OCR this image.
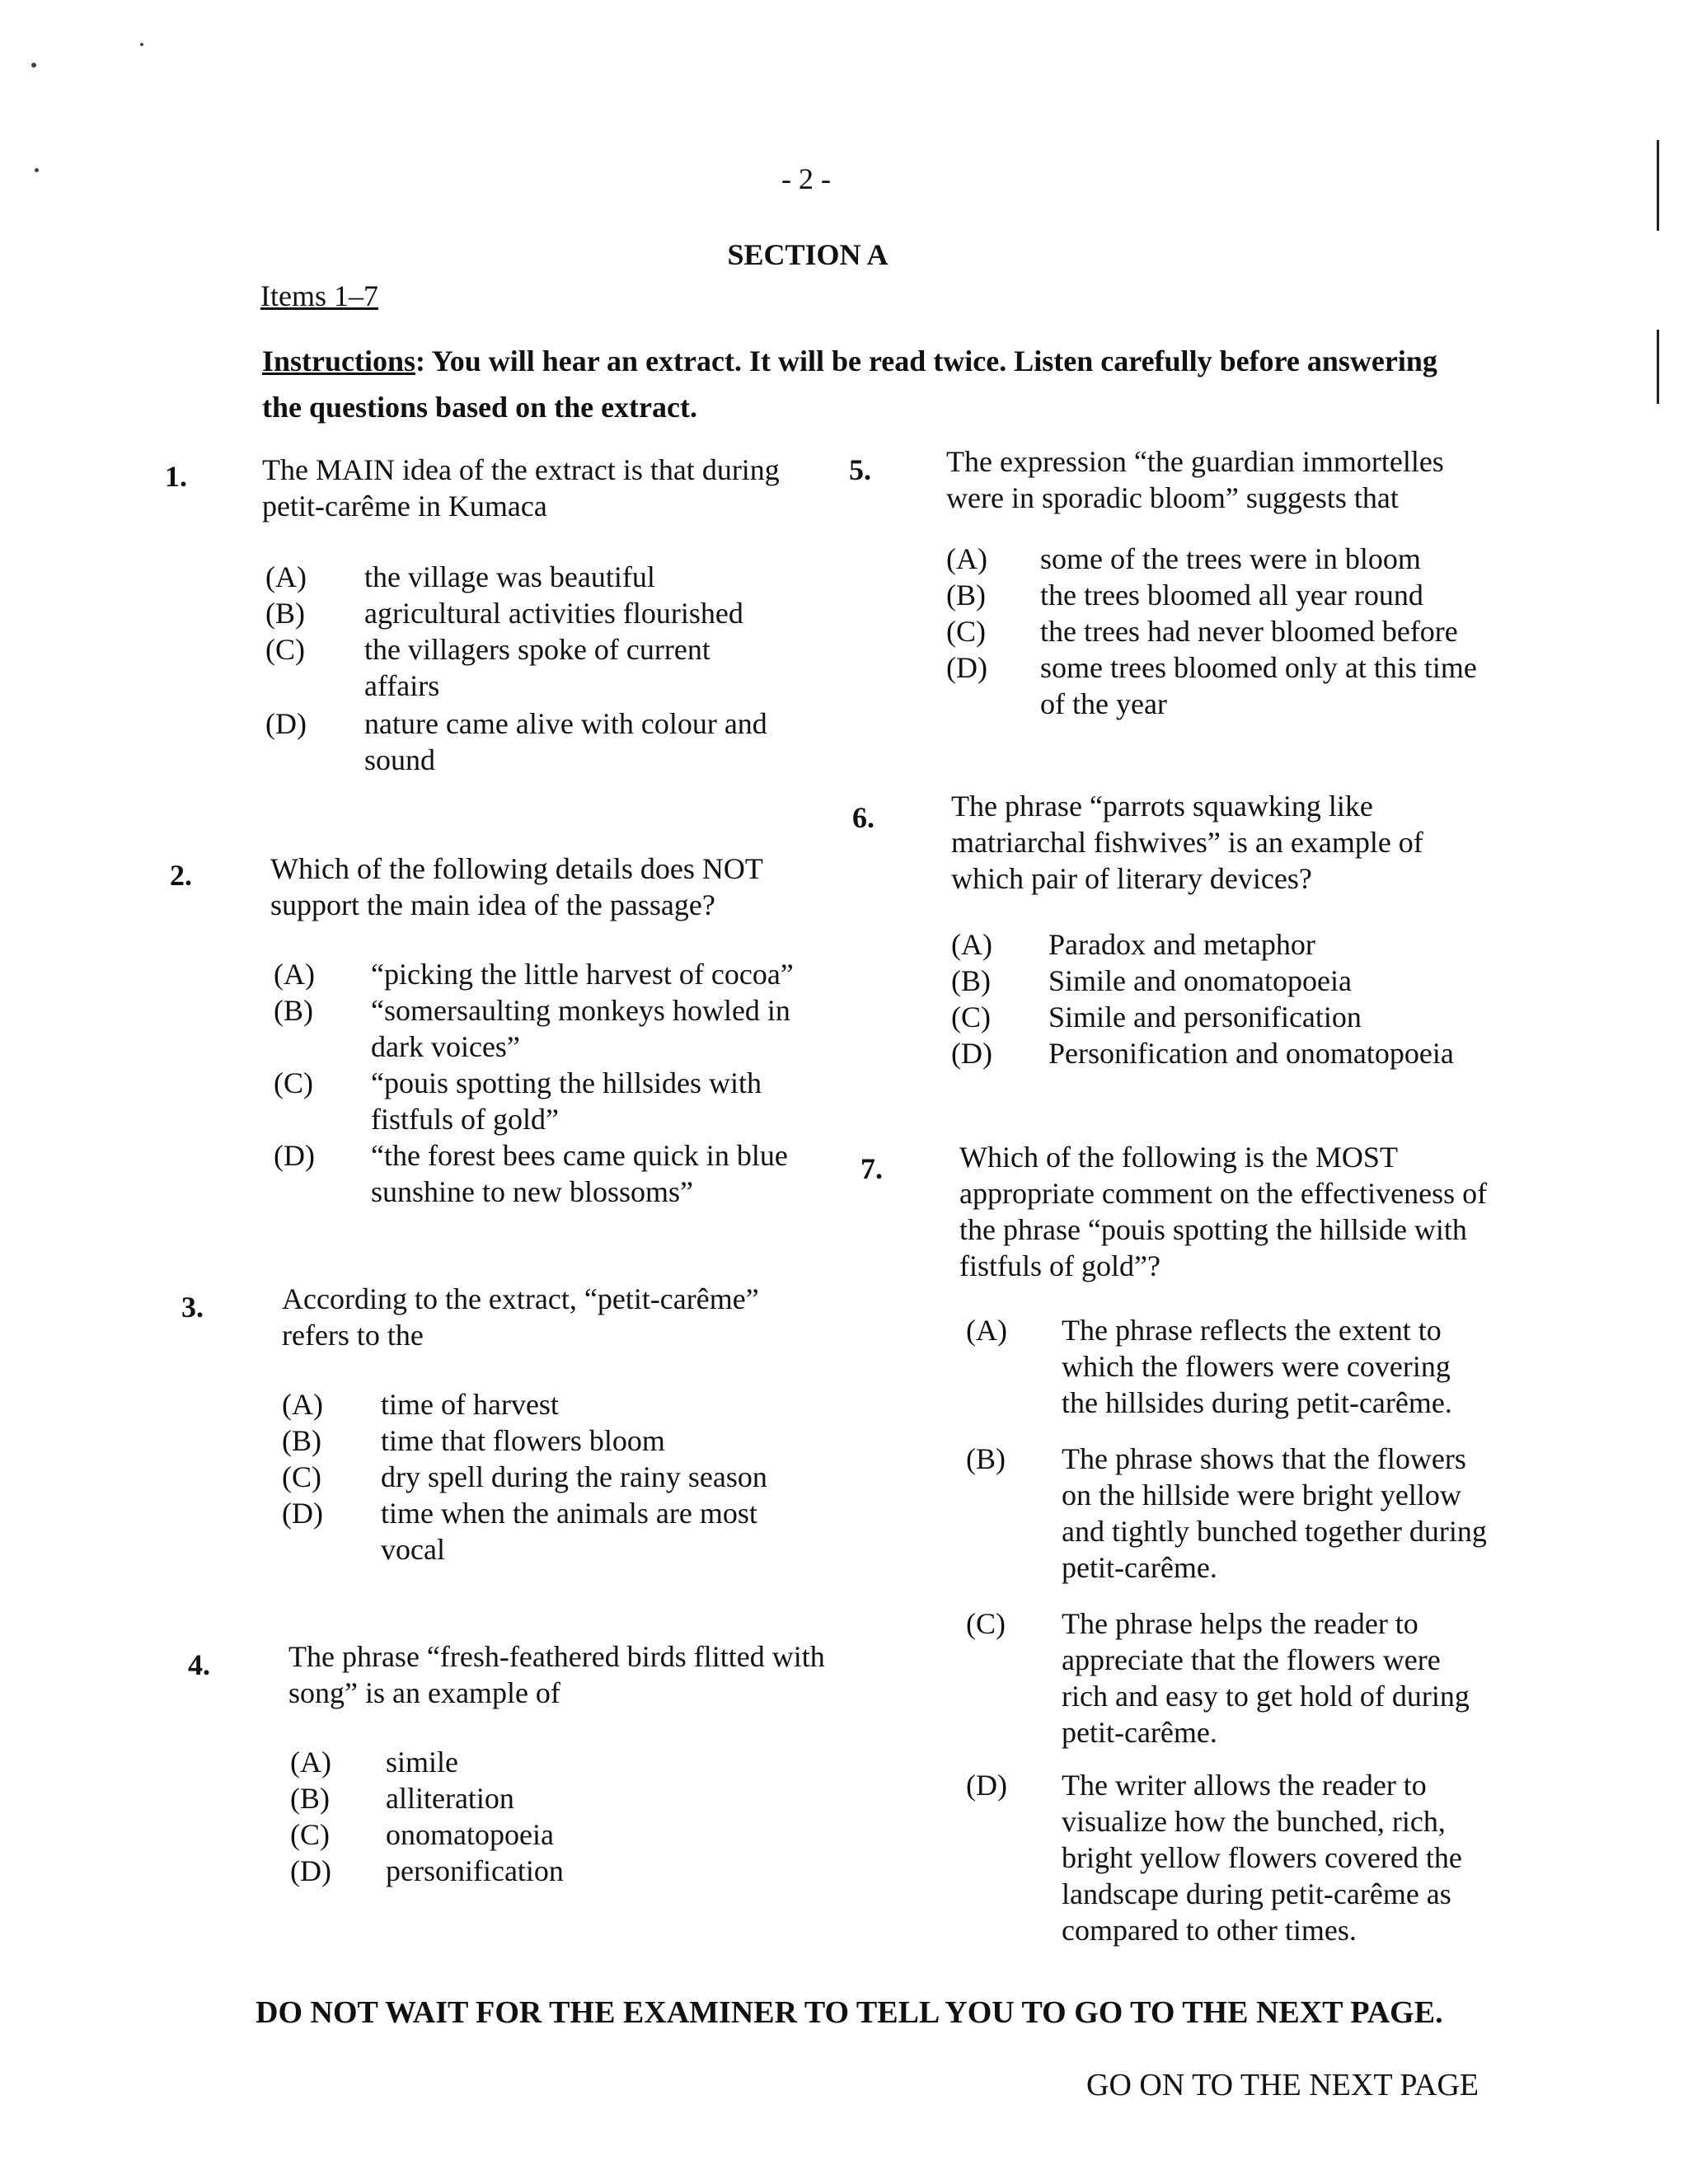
- 2 -
SECTION A
Items 1–7
Instructions: You will hear an extract. It will be read twice. Listen carefully before answering the questions based on the extract.
1.	The MAIN idea of the extract is that during petit-carême in Kumaca
(A) the village was beautiful
(B) agricultural activities flourished
(C) the villagers spoke of current affairs
(D) nature came alive with colour and sound
2.	Which of the following details does NOT support the main idea of the passage?
(A) “picking the little harvest of cocoa”
(B) “somersaulting monkeys howled in dark voices”
(C) “pouis spotting the hillsides with fistfuls of gold”
(D) “the forest bees came quick in blue sunshine to new blossoms”
3.	According to the extract, “petit-carême” refers to the
(A) time of harvest
(B) time that flowers bloom
(C) dry spell during the rainy season
(D) time when the animals are most vocal
4.	The phrase “fresh-feathered birds flitted with song” is an example of
(A) simile
(B) alliteration
(C) onomatopoeia
(D) personification
5.	The expression “the guardian immortelles were in sporadic bloom” suggests that
(A) some of the trees were in bloom
(B) the trees bloomed all year round
(C) the trees had never bloomed before
(D) some trees bloomed only at this time of the year
6.	The phrase “parrots squawking like matriarchal fishwives” is an example of which pair of literary devices?
(A) Paradox and metaphor
(B) Simile and onomatopoeia
(C) Simile and personification
(D) Personification and onomatopoeia
7.	Which of the following is the MOST appropriate comment on the effectiveness of the phrase “pouis spotting the hillside with fistfuls of gold”?
(A) The phrase reflects the extent to which the flowers were covering the hillsides during petit-carême.
(B) The phrase shows that the flowers on the hillside were bright yellow and tightly bunched together during petit-carême.
(C) The phrase helps the reader to appreciate that the flowers were rich and easy to get hold of during petit-carême.
(D) The writer allows the reader to visualize how the bunched, rich, bright yellow flowers covered the landscape during petit-carême as compared to other times.
DO NOT WAIT FOR THE EXAMINER TO TELL YOU TO GO TO THE NEXT PAGE.
GO ON TO THE NEXT PAGE
